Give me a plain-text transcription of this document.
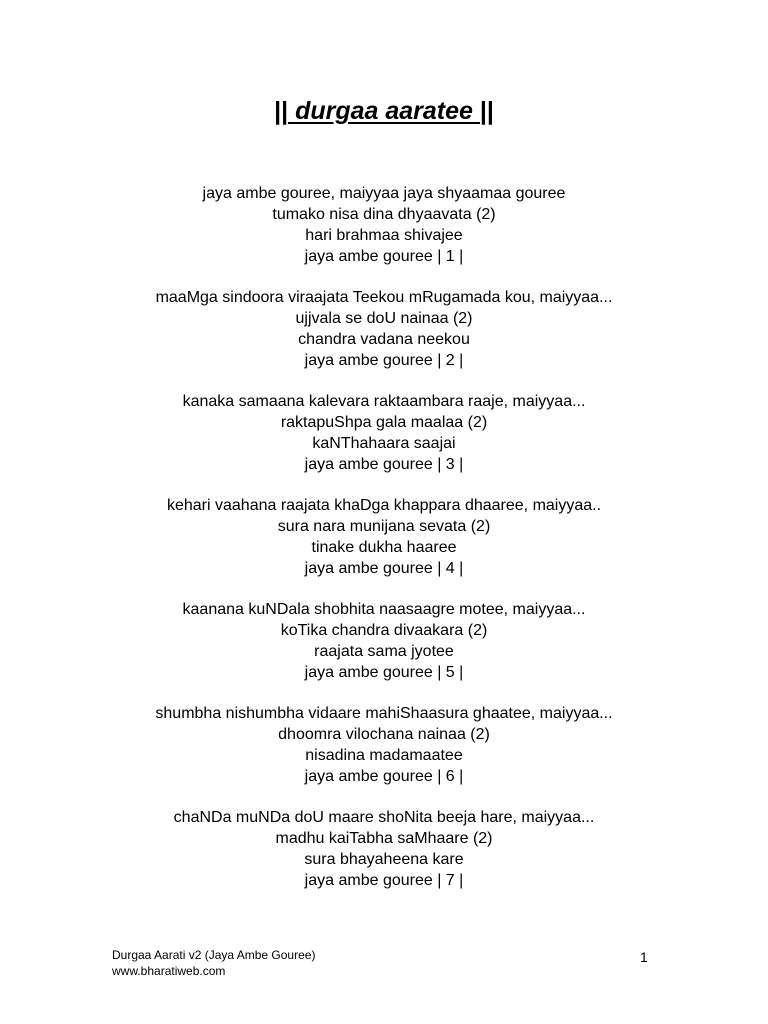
|| durgaa aaratee ||
jaya ambe gouree, maiyyaa jaya shyaamaa gouree
tumako nisa dina dhyaavata (2)
hari brahmaa shivajee
jaya ambe gouree | 1 |
maaMga sindoora viraajata Teekou mRugamada kou, maiyyaa...
ujjvala se doU nainaa (2)
chandra vadana neekou
jaya ambe gouree | 2 |
kanaka samaana kalevara raktaambara raaje, maiyyaa...
raktapuShpa gala maalaa (2)
kaNThahaara saajai
jaya ambe gouree | 3 |
kehari vaahana raajata khaDga khappara dhaaree, maiyyaa..
sura nara munijana sevata (2)
tinake dukha haaree
jaya ambe gouree | 4 |
kaanana kuNDala shobhita naasaagre motee, maiyyaa...
koTika chandra divaakara (2)
raajata sama jyotee
jaya ambe gouree | 5 |
shumbha nishumbha vidaare mahiShaasura ghaatee, maiyyaa...
dhoomra vilochana nainaa (2)
nisadina madamaatee
jaya ambe gouree | 6 |
chaNDa muNDa doU maare shoNita beeja hare, maiyyaa...
madhu kaiTabha saMhaare (2)
sura bhayaheena kare
jaya ambe gouree | 7 |
Durgaa Aarati v2 (Jaya Ambe Gouree)
www.bharatiweb.com
1
